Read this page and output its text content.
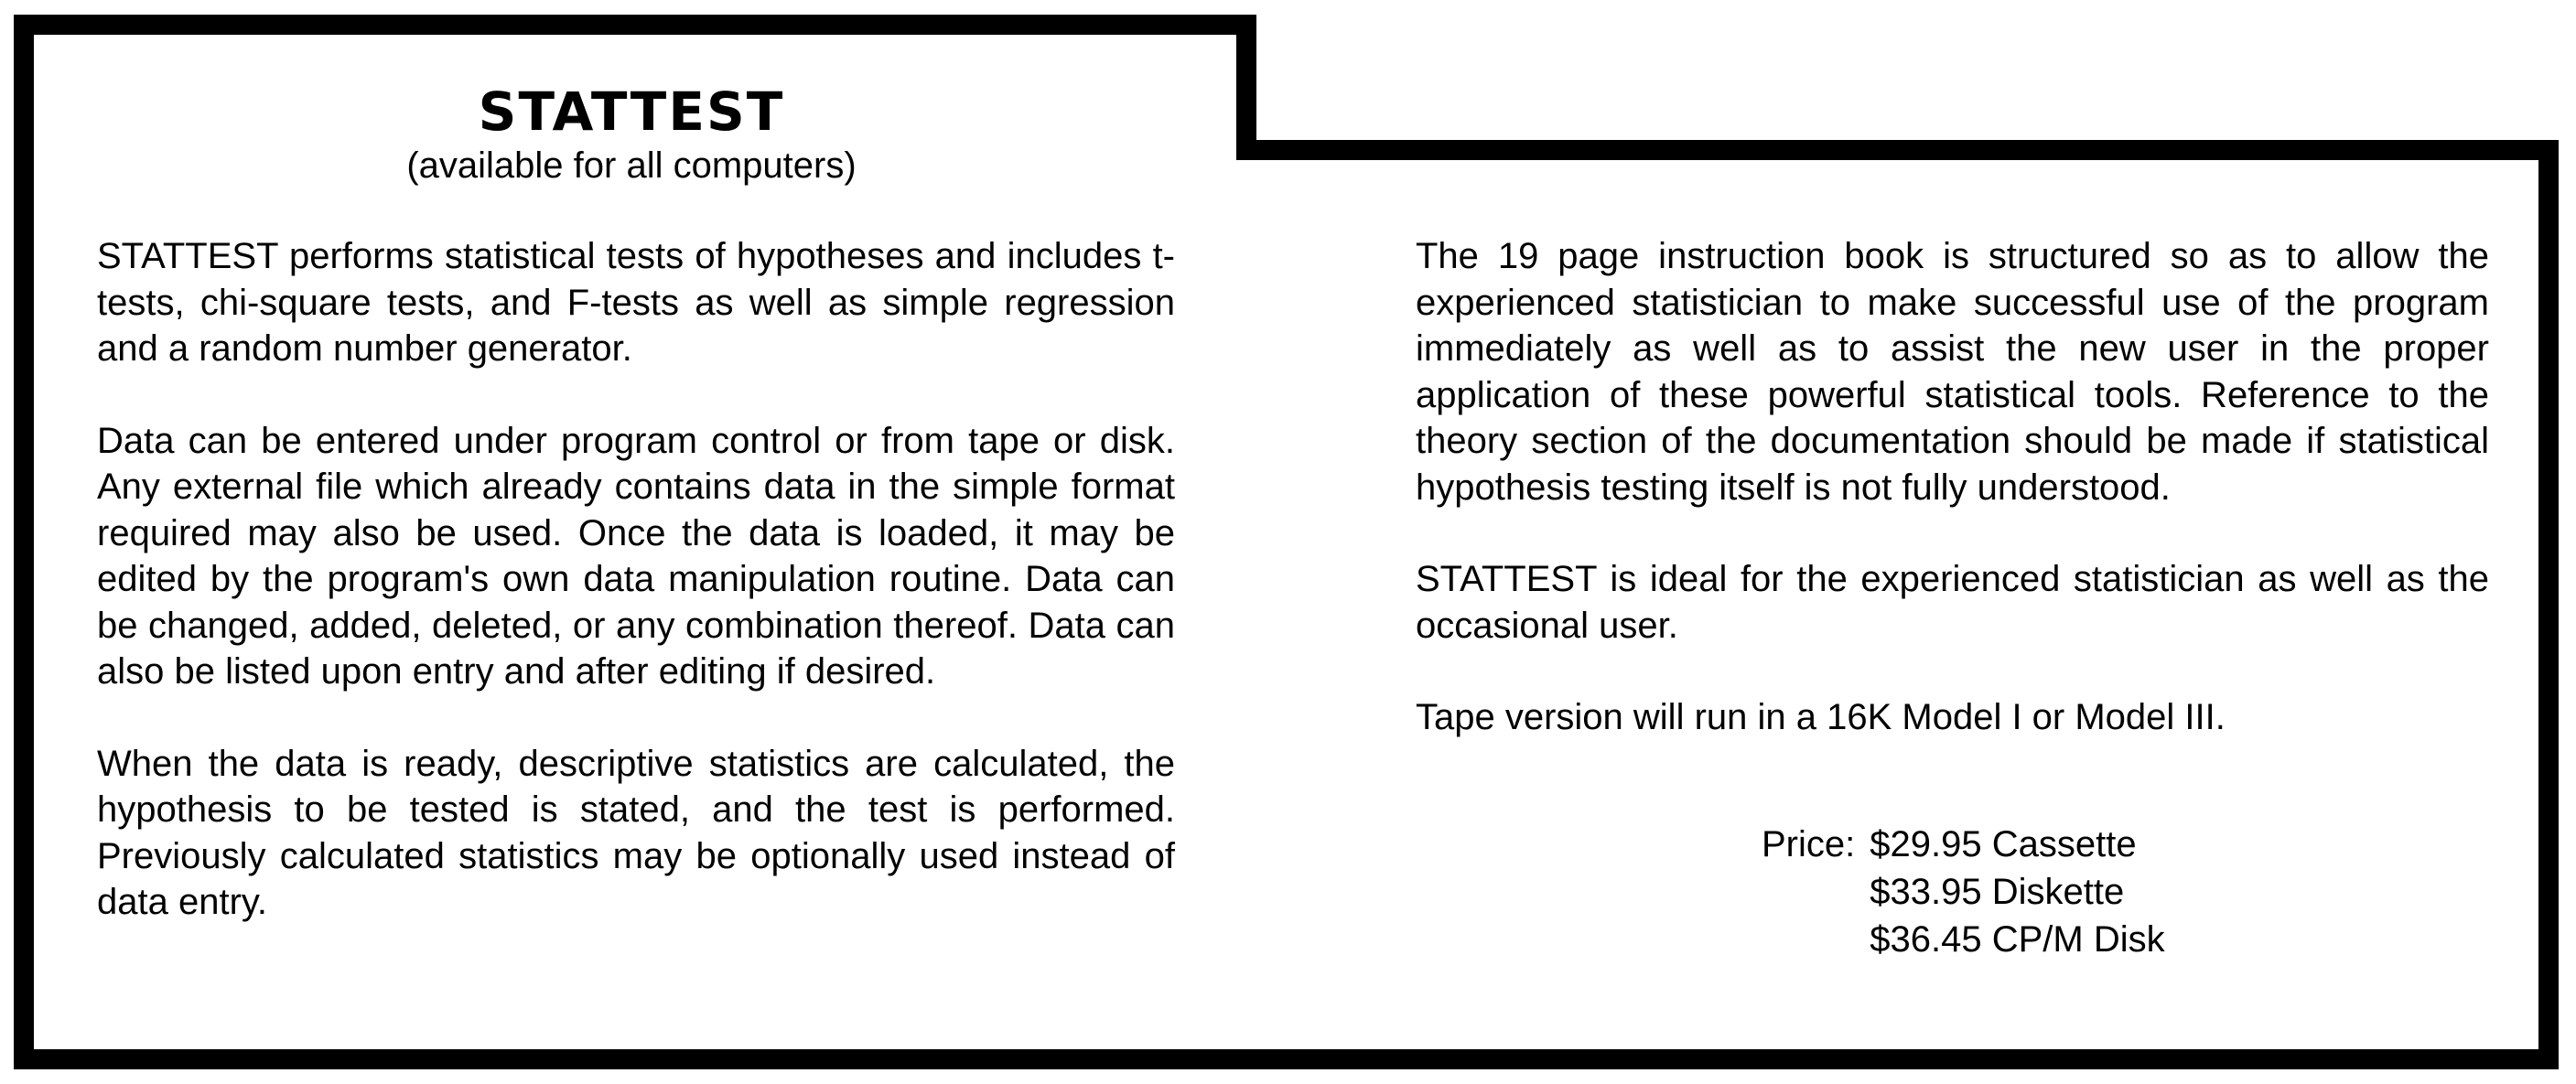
STATTEST

(available for all computers)

STATTEST performs statistical tests of hypotheses and includes t-tests, chi-square tests, and F-tests as well as simple regression and a random number generator.

Data can be entered under program control or from tape or disk. Any external file which already contains data in the simple format required may also be used. Once the data is loaded, it may be edited by the program's own data manipulation routine. Data can be changed, added, deleted, or any combination thereof. Data can also be listed upon entry and after editing if desired.

When the data is ready, descriptive statistics are calculated, the hypothesis to be tested is stated, and the test is performed. Previously calculated statistics may be optionally used instead of data entry.

The 19 page instruction book is structured so as to allow the experienced statistician to make successful use of the program immediately as well as to assist the new user in the proper application of these powerful statistical tools. Reference to the theory section of the documentation should be made if statistical hypothesis testing itself is not fully understood.

STATTEST is ideal for the experienced statistician as well as the occasional user.

Tape version will run in a 16K Model I or Model III.

Price: $29.95 Cassette
$33.95 Diskette
$36.45 CP/M Disk
